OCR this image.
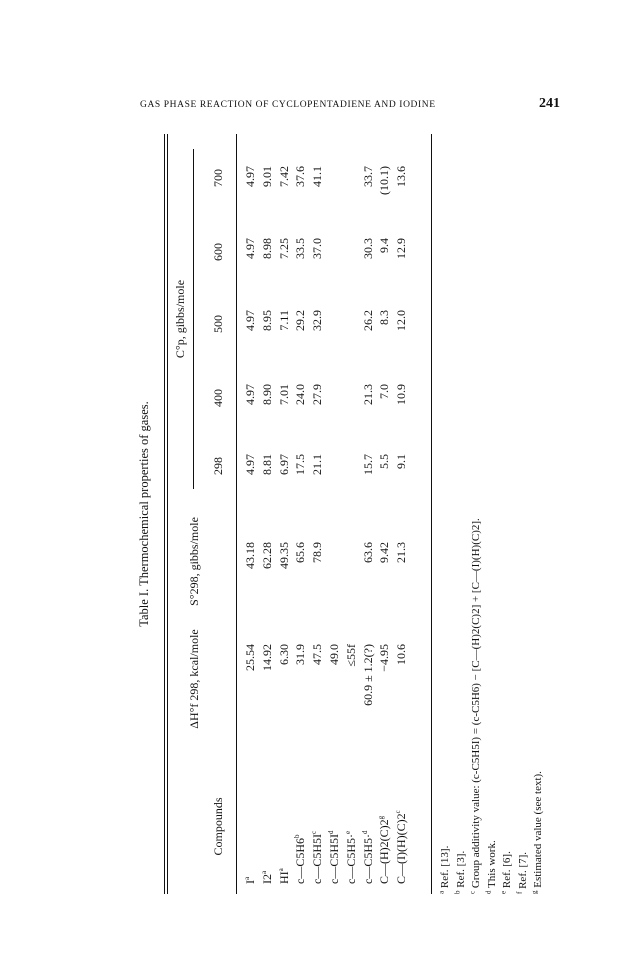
GAS PHASE REACTION OF CYCLOPENTADIENE AND IODINE	241
Table I. Thermochemical properties of gases.
C°p, gibbs/mole
Compounds
ΔH°f 298, kcal/mole
S°298, gibbs/mole
298
400
500
600
700
$I^a$
25.54
43.18
4.97
4.97
4.97
4.97
4.97
I2$^a$
14.92
62.28
8.81
8.90
8.95
8.98
9.01
$HI^a$
6.30
49.35
6.97
7.01
7.11
7.25
7.42
c—C5H6$^b$
31.9
65.6
17.5
24.0
29.2
33.5
37.6
$c—C5H5I^c$
47.5
78.9
21.1
27.9
32.9
37.0
41.1
$c—C5H5I^d$
49.0
c—C5H5·$^e$
≤55f
c—C5H5·$^d$
60.9 ± 1.2(?)
63.6
15.7
21.3
26.2
30.3
33.7
$C—(H)2(C)2^g$
−4.95
9.42
5.5
7.0
8.3
9.4
(10.1)
C—(I)(H)(C)2$^c$
10.6
21.3
9.1
10.9
12.0
12.9
13.6
$^a$ Ref. [13].
$^b$ Ref. [3].
$^c$ Group additivity value: (c-C5H5I) = (c-C5H6) − [C—(H)2(C)2] + [C—(I)(H)(C)2].
$^d$ This work.
$^e$ Ref. [6].
$^f$ Ref. [7].
$^g$ Estimated value (see text).
